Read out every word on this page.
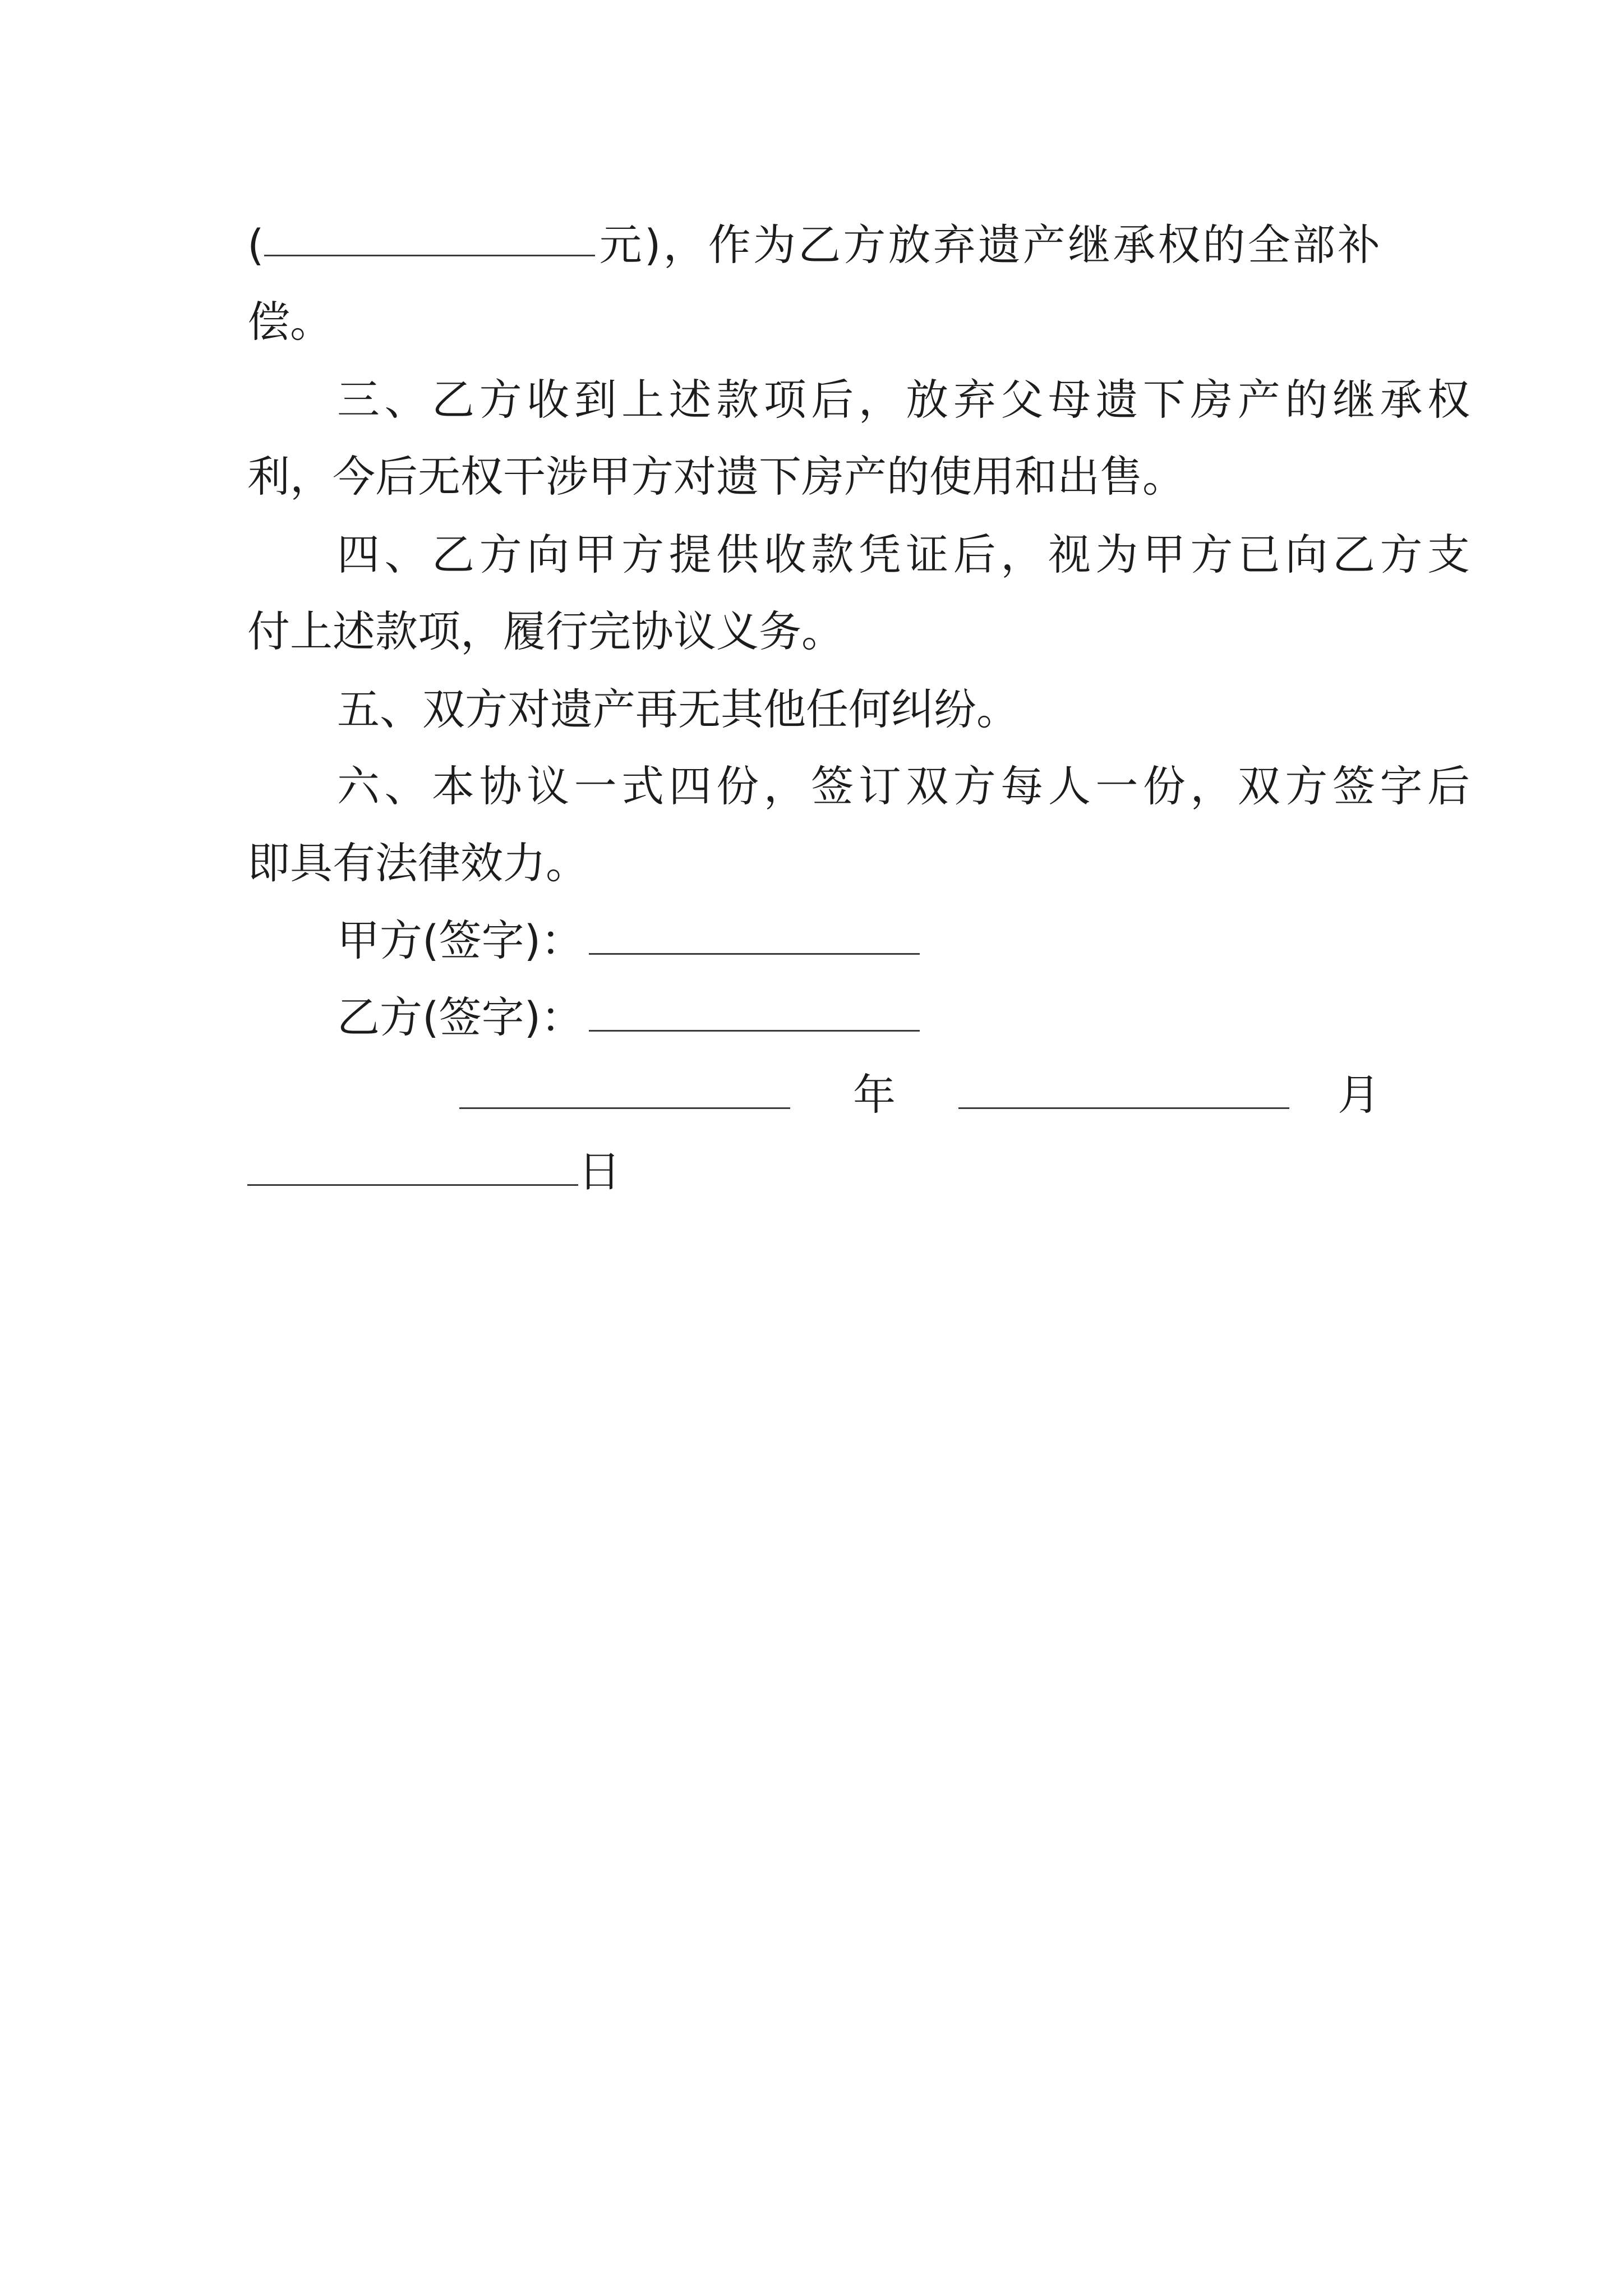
(	元)，作为乙方放弃遗产继承权的全部补
偿。
三、乙方收到上述款项后，放弃父母遗下房产的继承权
利，今后无权干涉甲方对遗下房产的使用和出售。
四、乙方向甲方提供收款凭证后，视为甲方已向乙方支
付上述款项，履行完协议义务。
五、双方对遗产再无其他任何纠纷。
六、本协议一式四份，签订双方每人一份，双方签字后
即具有法律效力。
甲方(签字)：
乙方(签字)：
年	月
日
